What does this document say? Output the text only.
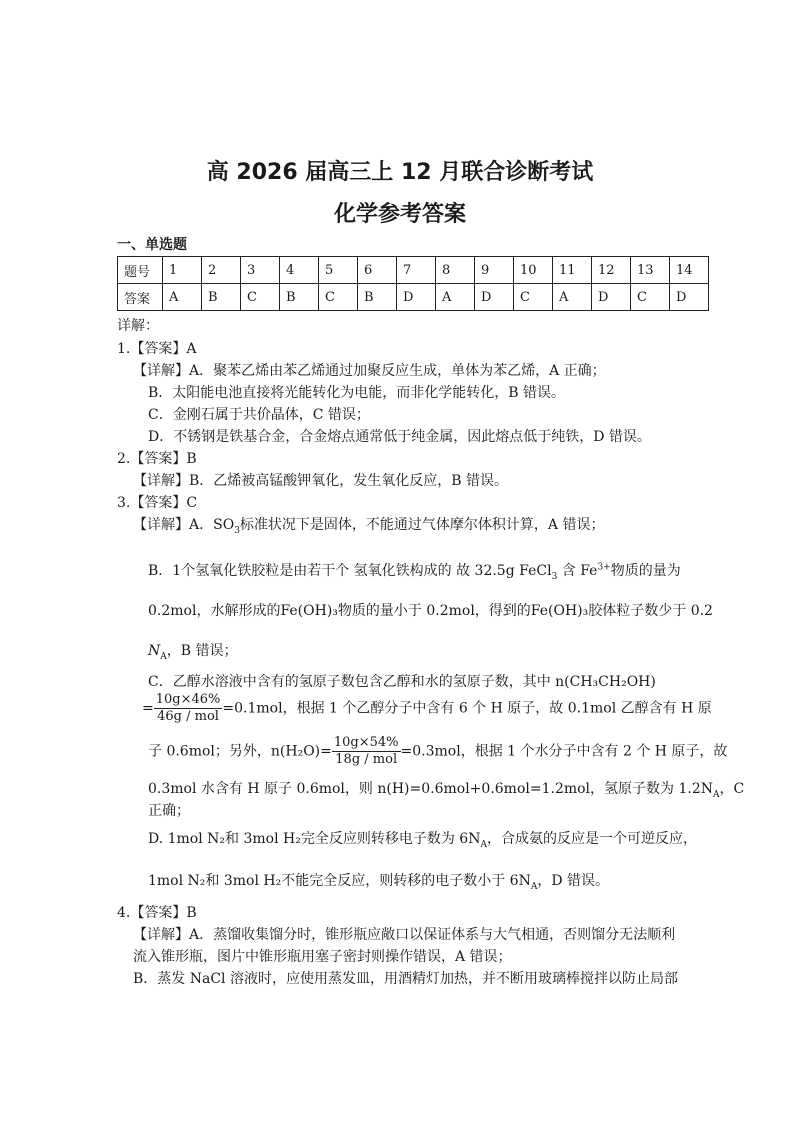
高 2026 届高三上 12 月联合诊断考试
化学参考答案
一、单选题
题号	1	2	3	4	5	6	7	8	9	10	11	12	13	14
答案	A	B	C	B	C	B	D	A	D	C	A	D	C	D
详解：
1.【答案】A
【详解】A．聚苯乙烯由苯乙烯通过加聚反应生成，单体为苯乙烯，A 正确；
B．太阳能电池直接将光能转化为电能，而非化学能转化，B 错误。
C．金刚石属于共价晶体，C 错误；
D．不锈钢是铁基合金，合金熔点通常低于纯金属，因此熔点低于纯铁，D 错误。
2.【答案】B
【详解】B．乙烯被高锰酸钾氧化，发生氧化反应，B 错误。
3.【答案】C
【详解】A．$SO_3$标准状况下是固体，不能通过气体摩尔体积计算，A 错误；
B．1个氢氧化铁胶粒是由若干个 氢氧化铁构成的 故 32.5g FeCl$_3$ 含 $Fe^{3+}$物质的量为
0.2mol，水解形成的Fe(OH)₃物质的量小于 0.2mol，得到的Fe(OH)₃胶体粒子数少于 0.2
$N_A$，B 错误；
C．乙醇水溶液中含有的氢原子数包含乙醇和水的氢原子数，其中 n(CH₃CH₂OH)
= $\frac{10g\times 46\%}{\text{46g / mol}} =0.1mol$，根据 1 个乙醇分子中含有 6 个 H 原子，故 0.1mol 乙醇含有 H 原
子 0.6mol；另外，$n(H_2O)= \frac{10g\times 54\%}{\text{18g / mol}} =0.3mol$，根据 1 个水分子中含有 2 个 H 原子，故
0.3mol 水含有 H 原子 0.6mol，则 n(H)=0.6mol+0.6mol=1.2mol，氢原子数为 $1.2N_A$，C
正确；
D. 1mol N₂和 3mol H₂完全反应则转移电子数为 $6N_A$，合成氨的反应是一个可逆反应，
1mol N₂和 3mol H₂不能完全反应，则转移的电子数小于 $6N_A$，D 错误。
4.【答案】B
【详解】A．蒸馏收集馏分时，锥形瓶应敞口以保证体系与大气相通，否则馏分无法顺利
流入锥形瓶，图片中锥形瓶用塞子密封则操作错误，A 错误；
B．蒸发 NaCl 溶液时，应使用蒸发皿，用酒精灯加热，并不断用玻璃棒搅拌以防止局部
